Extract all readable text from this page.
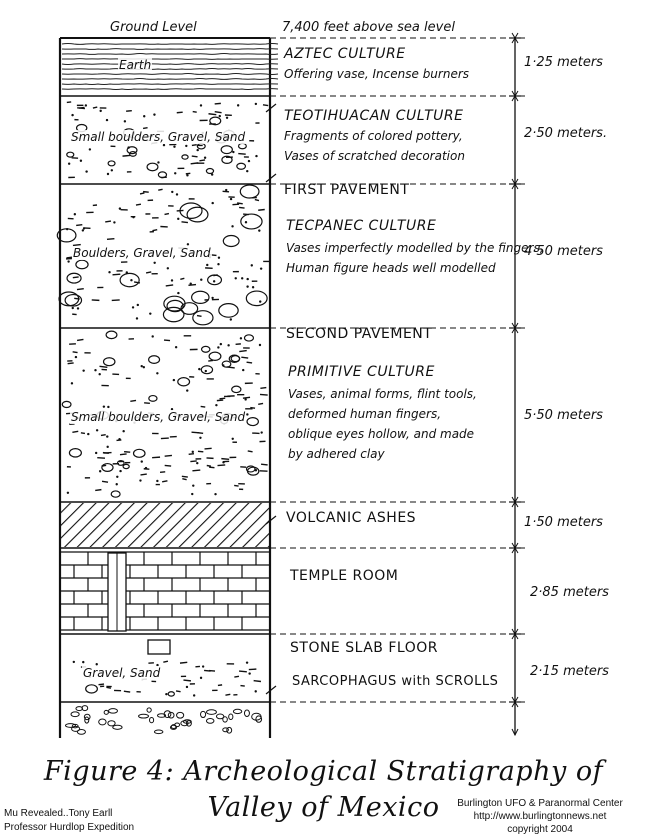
Ground Level	7,400 feet above sea level
Earth
AZTEC CULTURE
Offering vase, Incense burners
1·25 meters
Small boulders, Gravel, Sand
TEOTIHUACAN CULTURE
Fragments of colored pottery,
Vases of scratched decoration
2·50 meters.
Boulders, Gravel, Sand
FIRST PAVEMENT
TECPANEC CULTURE
Vases imperfectly modelled by the fingers,
Human figure heads well modelled
4·50 meters
Small boulders, Gravel, Sand
SECOND PAVEMENT
PRIMITIVE CULTURE
Vases, animal forms, flint tools,
deformed human fingers,
oblique eyes hollow, and made
by adhered clay
5·50 meters
VOLCANIC ASHES	1·50 meters
TEMPLE ROOM
2·85 meters
Gravel, Sand
STONE SLAB FLOOR
SARCOPHAGUS with SCROLLS
2·15 meters
Figure 4: Archeological Stratigraphy of
Valley of Mexico
Mu Revealed..Tony Earll
Professor Hurdlop Expedition
Burlington UFO & Paranormal Center
http://www.burlingtonnews.net
copyright 2004
